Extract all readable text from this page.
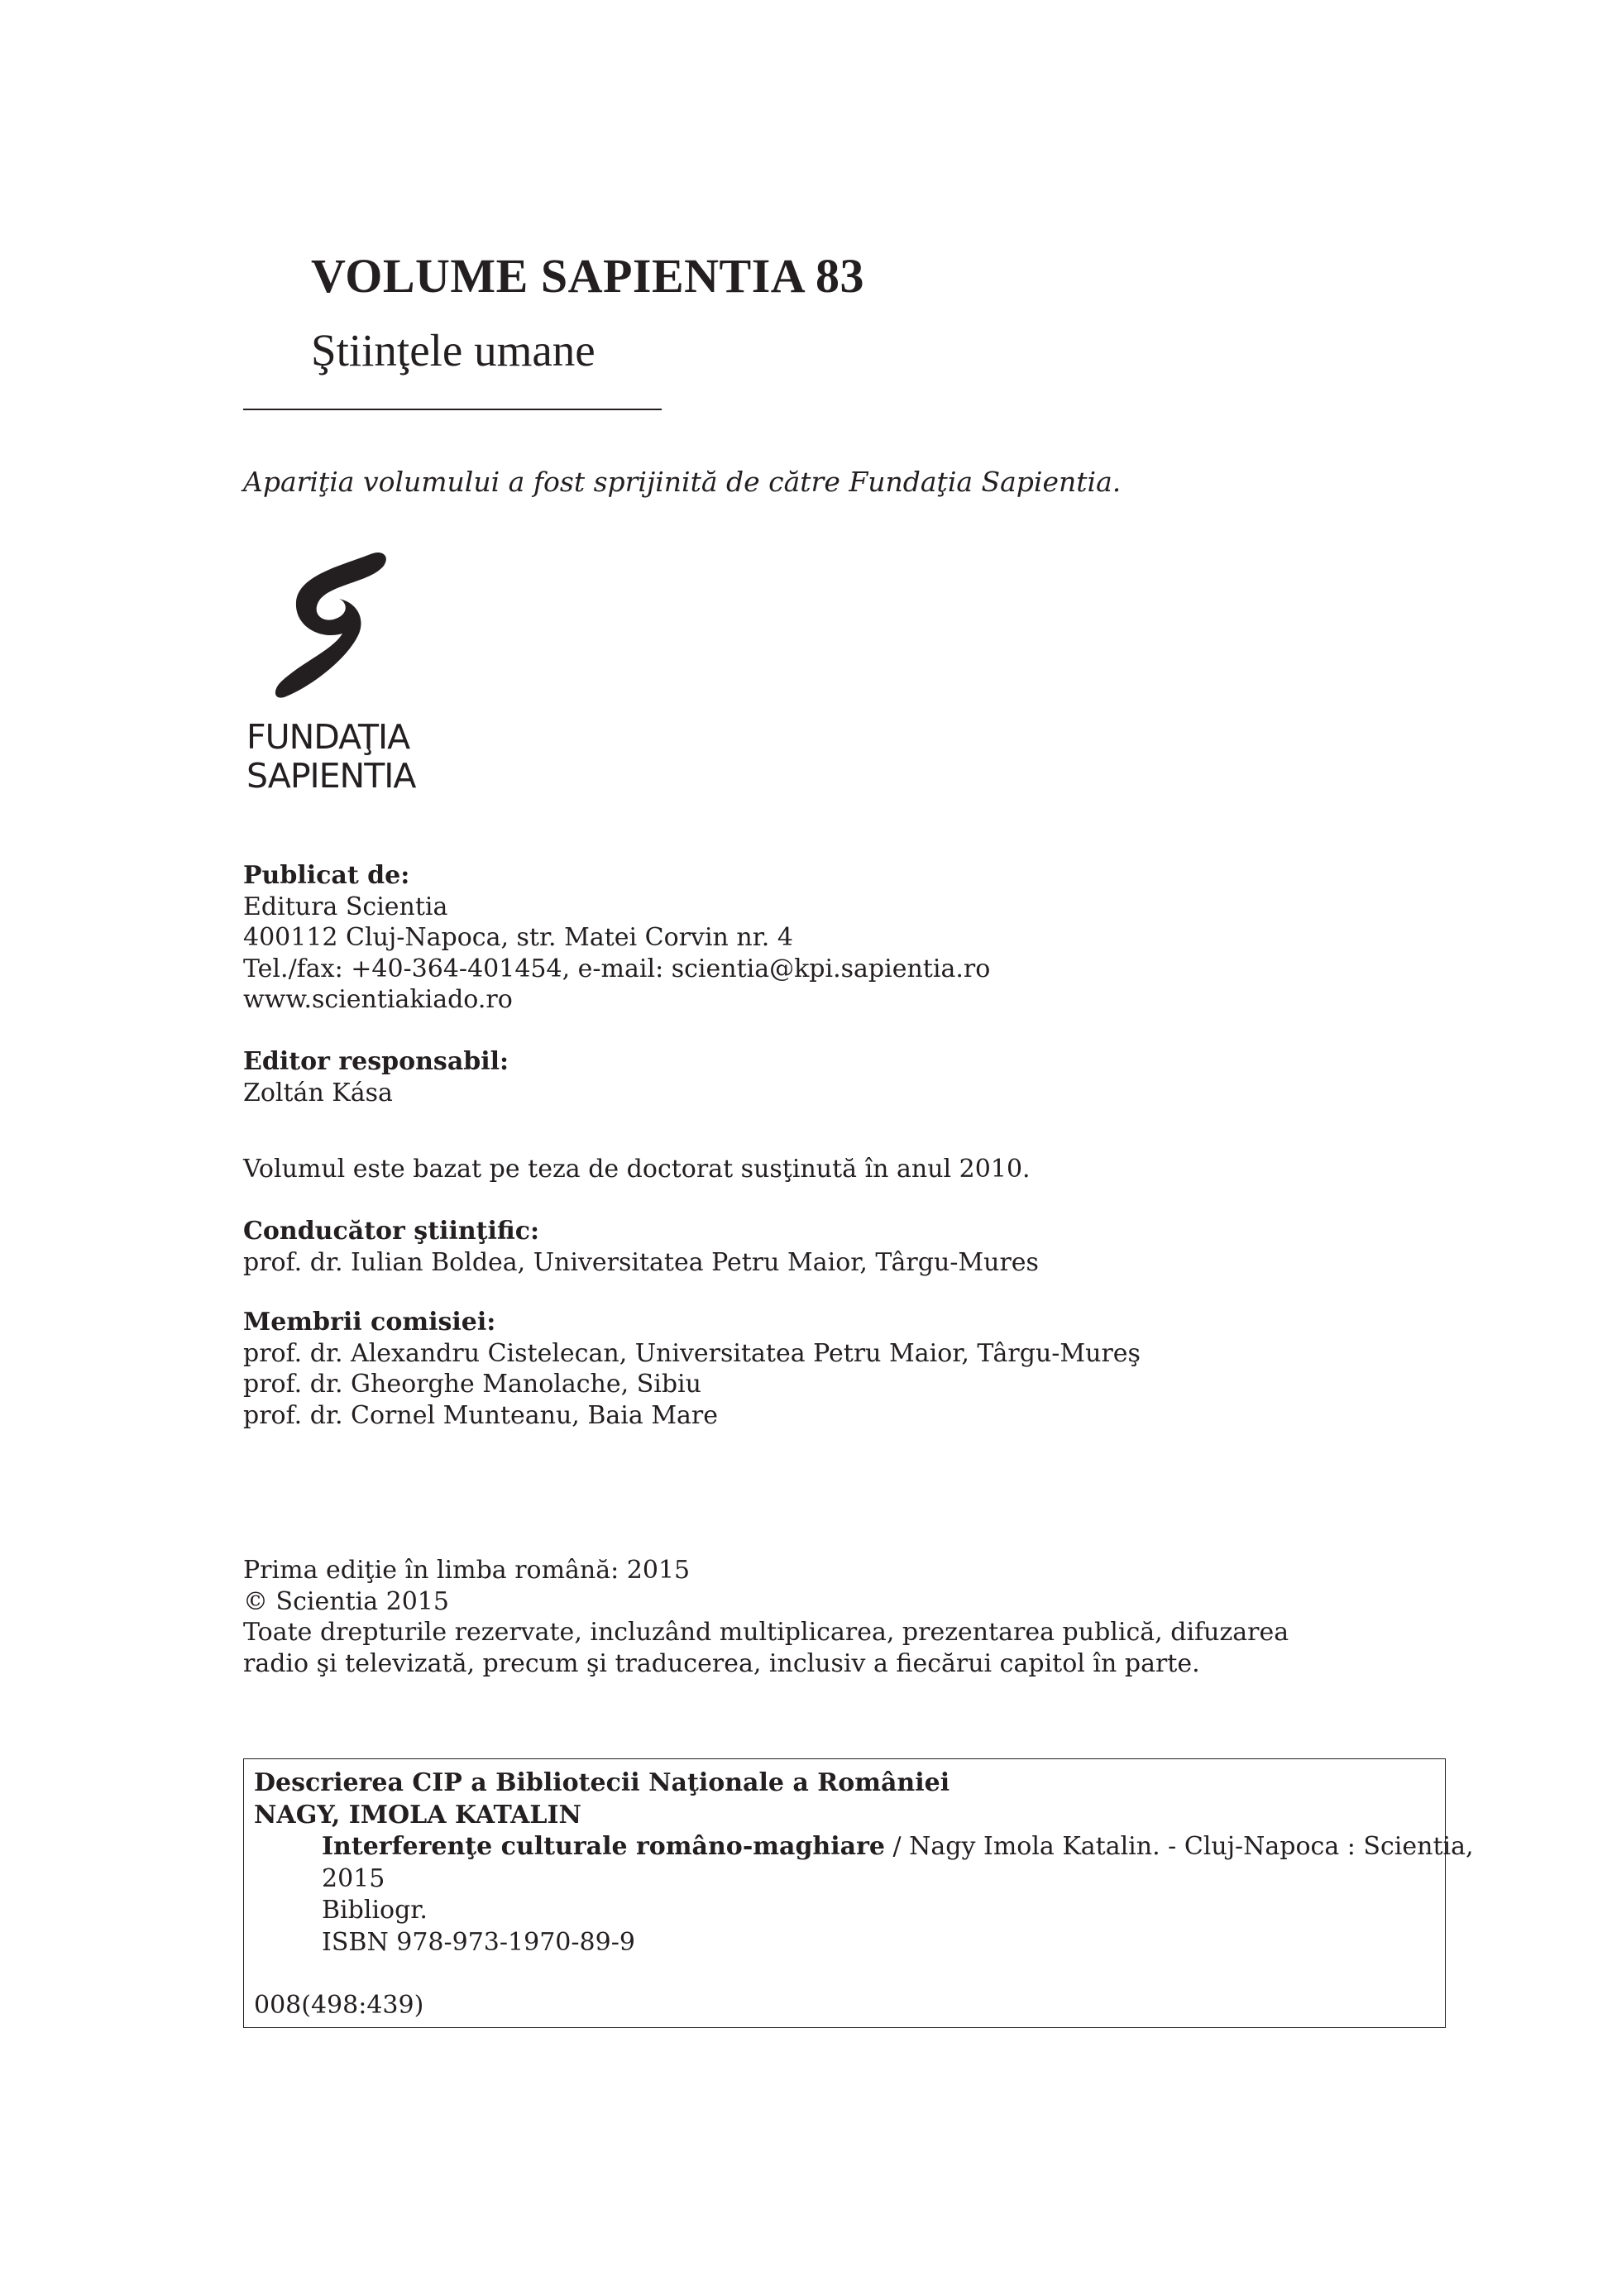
VOLUME SAPIENTIA 83
Ştiinţele umane
Apariţia volumului a fost sprijinită de către Fundaţia Sapientia.
FUNDAŢIA
SAPIENTIA
Publicat de:
Editura Scientia
400112 Cluj-Napoca, str. Matei Corvin nr. 4
Tel./fax: +40-364-401454, e-mail: scientia@kpi.sapientia.ro
www.scientiakiado.ro
Editor responsabil:
Zoltán Kása
Volumul este bazat pe teza de doctorat susţinută în anul 2010.
Conducător ştiinţific:
prof. dr. Iulian Boldea, Universitatea Petru Maior, Târgu-Mures
Membrii comisiei:
prof. dr. Alexandru Cistelecan, Universitatea Petru Maior, Târgu-Mureş
prof. dr. Gheorghe Manolache, Sibiu
prof. dr. Cornel Munteanu, Baia Mare
Prima ediţie în limba română: 2015
© Scientia 2015
Toate drepturile rezervate, incluzând multiplicarea, prezentarea publică, difuzarea
radio şi televizată, precum şi traducerea, inclusiv a fiecărui capitol în parte.
Descrierea CIP a Bibliotecii Naţionale a României
NAGY, IMOLA KATALIN
Interferenţe culturale româno-maghiare / Nagy Imola Katalin. - Cluj-Napoca : Scientia,
2015
Bibliogr.
ISBN 978-973-1970-89-9
008(498:439)
